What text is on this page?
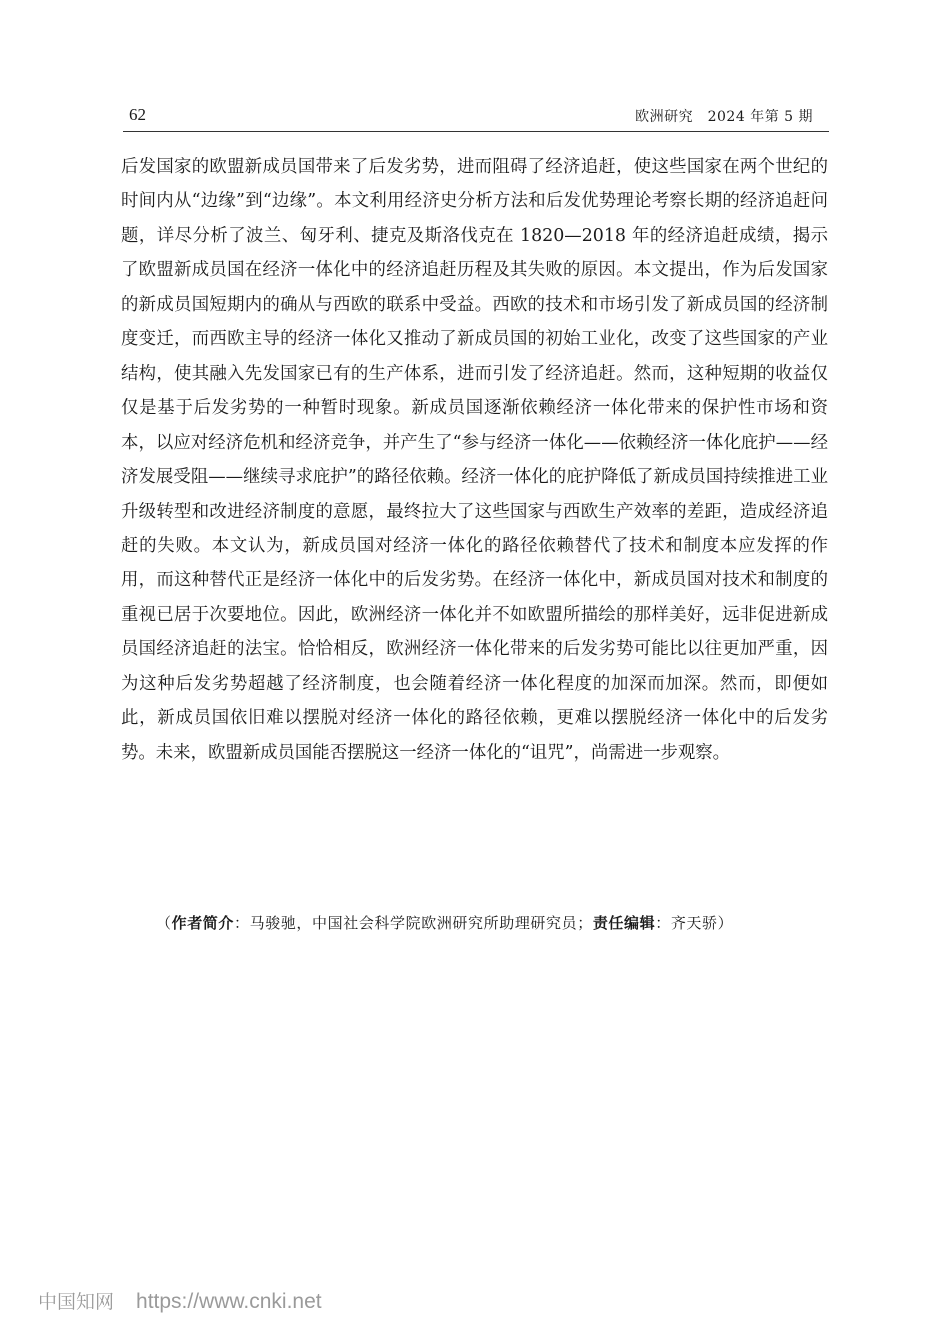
62	欧洲研究　2024 年第 5 期

后发国家的欧盟新成员国带来了后发劣势，进而阻碍了经济追赶，使这些国家在两个世纪的时间内从“边缘”到“边缘”。本文利用经济史分析方法和后发优势理论考察长期的经济追赶问题，详尽分析了波兰、匈牙利、捷克及斯洛伐克在 1820—2018 年的经济追赶成绩，揭示了欧盟新成员国在经济一体化中的经济追赶历程及其失败的原因。本文提出，作为后发国家的新成员国短期内的确从与西欧的联系中受益。西欧的技术和市场引发了新成员国的经济制度变迁，而西欧主导的经济一体化又推动了新成员国的初始工业化，改变了这些国家的产业结构，使其融入先发国家已有的生产体系，进而引发了经济追赶。然而，这种短期的收益仅仅是基于后发劣势的一种暂时现象。新成员国逐渐依赖经济一体化带来的保护性市场和资本，以应对经济危机和经济竞争，并产生了“参与经济一体化——依赖经济一体化庇护——经济发展受阻——继续寻求庇护”的路径依赖。经济一体化的庇护降低了新成员国持续推进工业升级转型和改进经济制度的意愿，最终拉大了这些国家与西欧生产效率的差距，造成经济追赶的失败。本文认为，新成员国对经济一体化的路径依赖替代了技术和制度本应发挥的作用，而这种替代正是经济一体化中的后发劣势。在经济一体化中，新成员国对技术和制度的重视已居于次要地位。因此，欧洲经济一体化并不如欧盟所描绘的那样美好，远非促进新成员国经济追赶的法宝。恰恰相反，欧洲经济一体化带来的后发劣势可能比以往更加严重，因为这种后发劣势超越了经济制度，也会随着经济一体化程度的加深而加深。然而，即便如此，新成员国依旧难以摆脱对经济一体化的路径依赖，更难以摆脱经济一体化中的后发劣势。未来，欧盟新成员国能否摆脱这一经济一体化的“诅咒”，尚需进一步观察。

（作者简介：马骏驰，中国社会科学院欧洲研究所助理研究员；责任编辑：齐天骄）
中国知网 https://www.cnki.net
